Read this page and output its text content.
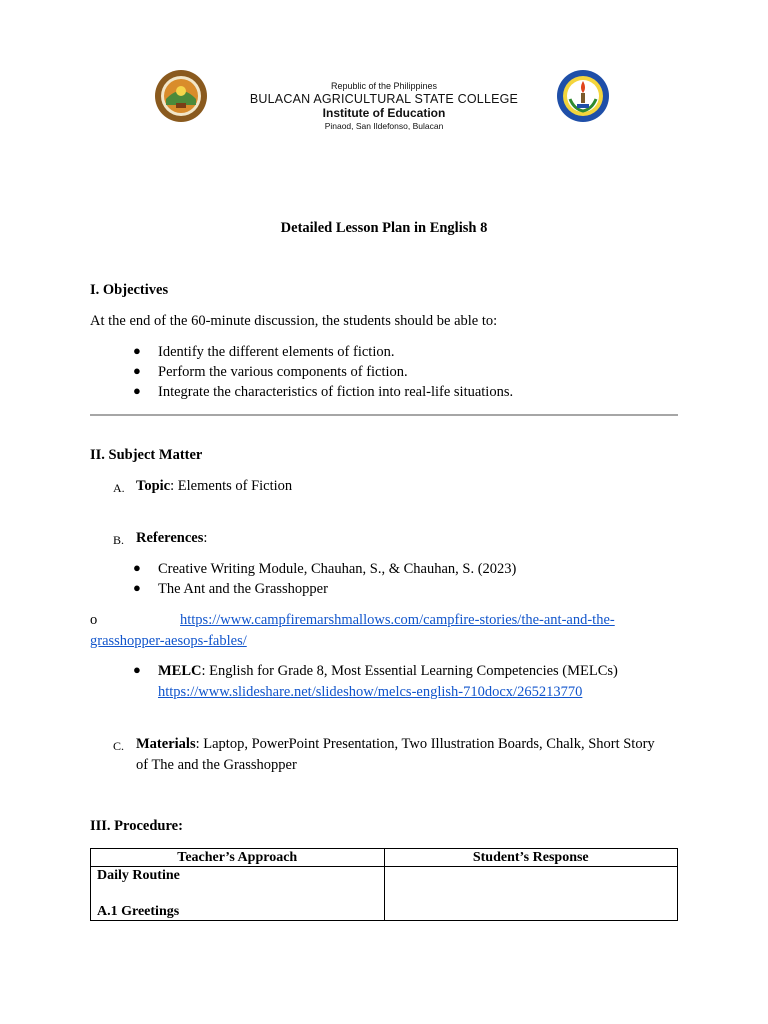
Republic of the Philippines
BULACAN AGRICULTURAL STATE COLLEGE
Institute of Education
Pinaod, San Ildefonso, Bulacan
Detailed Lesson Plan in English 8
I. Objectives
At the end of the 60-minute discussion, the students should be able to:
● Identify the different elements of fiction.
● Perform the various components of fiction.
● Integrate the characteristics of fiction into real-life situations.
II. Subject Matter
A. Topic: Elements of Fiction
B. References:
● Creative Writing Module, Chauhan, S., & Chauhan, S. (2023)
● The Ant and the Grasshopper
o	https://www.campfiremarshmallows.com/campfire-stories/the-ant-and-the-
grasshopper-aesops-fables/
● MELC: English for Grade 8, Most Essential Learning Competencies (MELCs)
https://www.slideshare.net/slideshow/melcs-english-710docx/265213770
C. Materials: Laptop, PowerPoint Presentation, Two Illustration Boards, Chalk, Short Story
of The and the Grasshopper
III. Procedure:
Teacher’s Approach	Student’s Response

Daily Routine
A.1 Greetings	
